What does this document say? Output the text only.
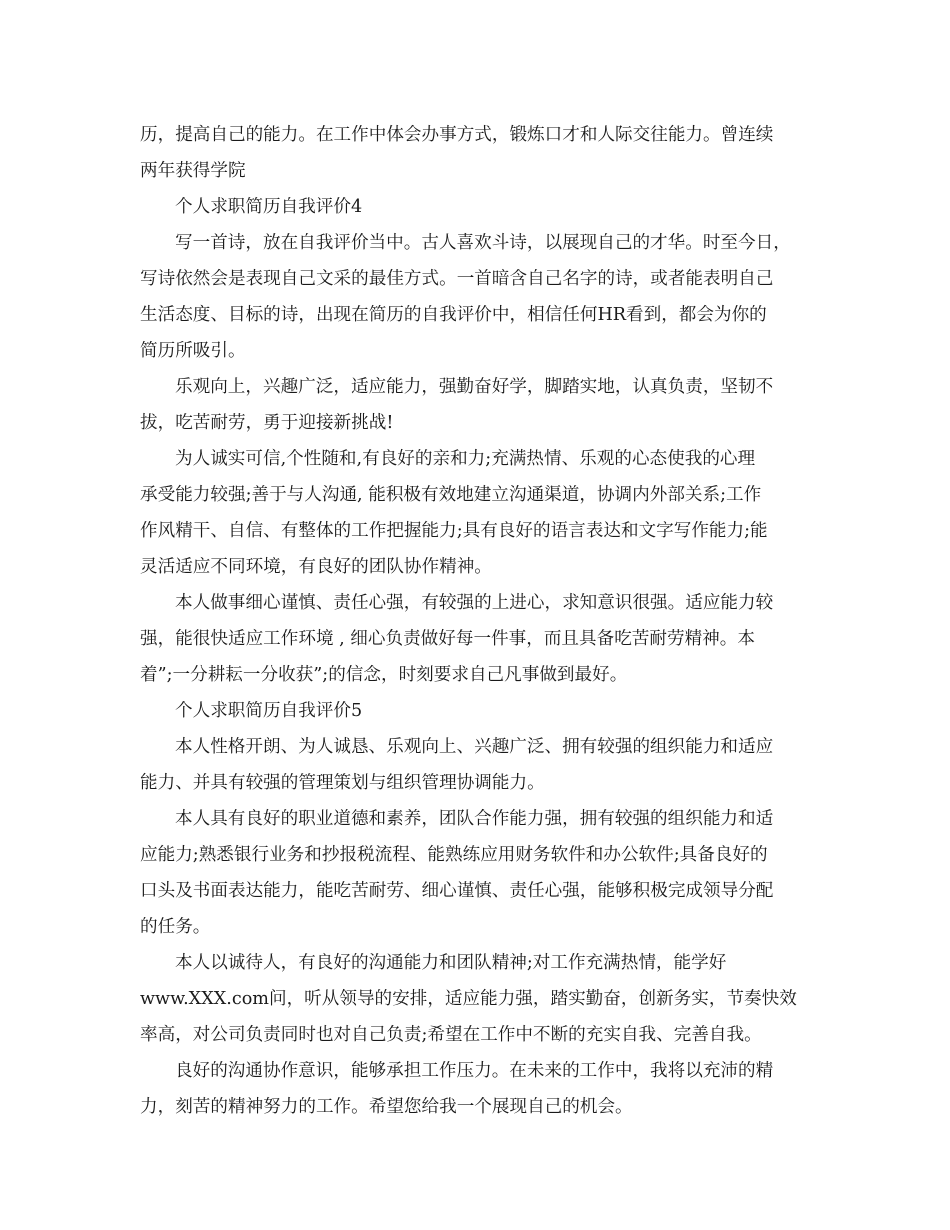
历，提高自己的能力。在工作中体会办事方式，锻炼口才和人际交往能力。曾连续
两年获得学院
个人求职简历自我评价4
写一首诗，放在自我评价当中。古人喜欢斗诗，以展现自己的才华。时至今日，
写诗依然会是表现自己文采的最佳方式。一首暗含自己名字的诗，或者能表明自己
生活态度、目标的诗，出现在简历的自我评价中，相信任何HR看到，都会为你的
简历所吸引。
乐观向上，兴趣广泛，适应能力，强勤奋好学，脚踏实地，认真负责，坚韧不
拔，吃苦耐劳，勇于迎接新挑战!
为人诚实可信,个性随和,有良好的亲和力;充满热情、乐观的心态使我的心理
承受能力较强;善于与人沟通, 能积极有效地建立沟通渠道，协调内外部关系;工作
作风精干、自信、有整体的工作把握能力;具有良好的语言表达和文字写作能力;能
灵活适应不同环境，有良好的团队协作精神。
本人做事细心谨慎、责任心强，有较强的上进心，求知意识很强。适应能力较
强，能很快适应工作环境 , 细心负责做好每一件事，而且具备吃苦耐劳精神。本
着”;一分耕耘一分收获”;的信念，时刻要求自己凡事做到最好。
个人求职简历自我评价5
本人性格开朗、为人诚恳、乐观向上、兴趣广泛、拥有较强的组织能力和适应
能力、并具有较强的管理策划与组织管理协调能力。
本人具有良好的职业道德和素养，团队合作能力强，拥有较强的组织能力和适
应能力;熟悉银行业务和抄报税流程、能熟练应用财务软件和办公软件;具备良好的
口头及书面表达能力，能吃苦耐劳、细心谨慎、责任心强，能够积极完成领导分配
的任务。
本人以诚待人，有良好的沟通能力和团队精神;对工作充满热情，能学好
www.XXX.com问，听从领导的安排，适应能力强，踏实勤奋，创新务实，节奏快效
率高，对公司负责同时也对自己负责;希望在工作中不断的充实自我、完善自我。
良好的沟通协作意识，能够承担工作压力。在未来的工作中，我将以充沛的精
力，刻苦的精神努力的工作。希望您给我一个展现自己的机会。
